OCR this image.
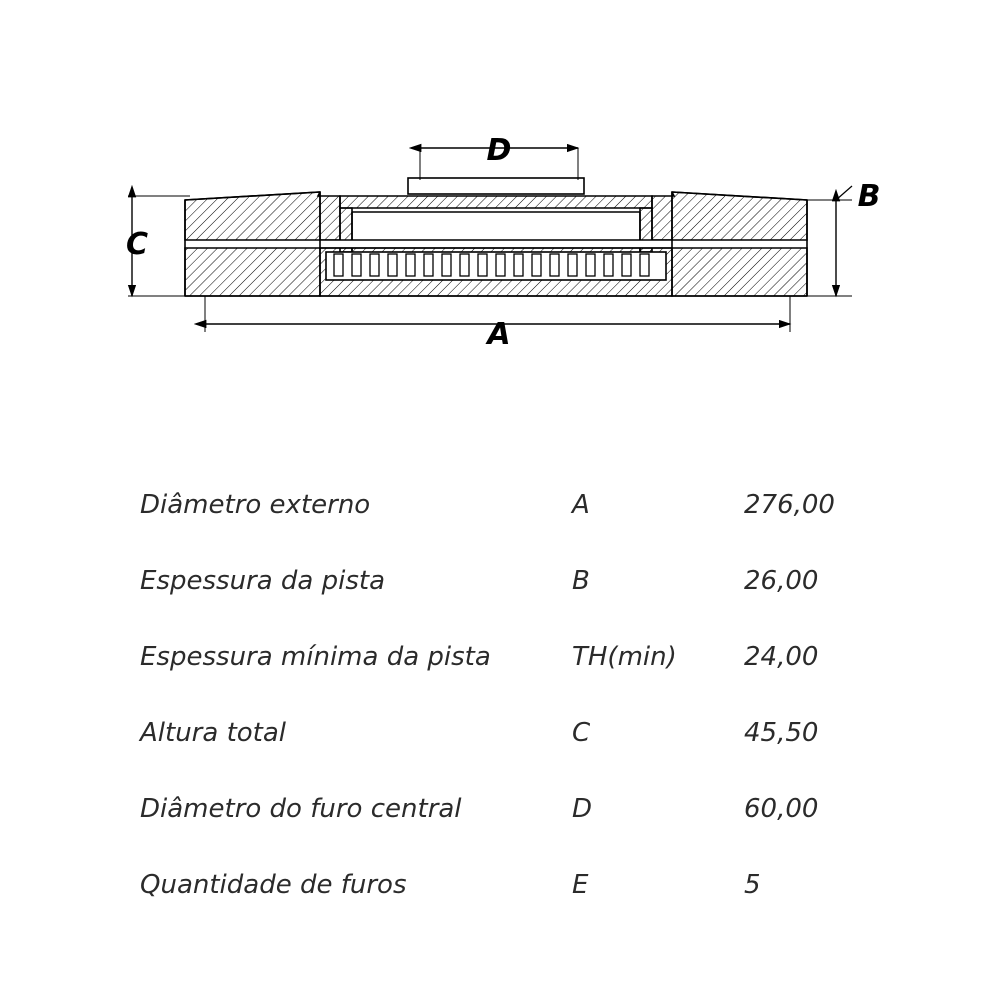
D
B
C
A
Diâmetro externo	A	276,00
Espessura da pista	B	26,00
Espessura mínima da pista	TH(min)	24,00
Altura total	C	45,50
Diâmetro do furo central	D	60,00
Quantidade de furos	E	5
